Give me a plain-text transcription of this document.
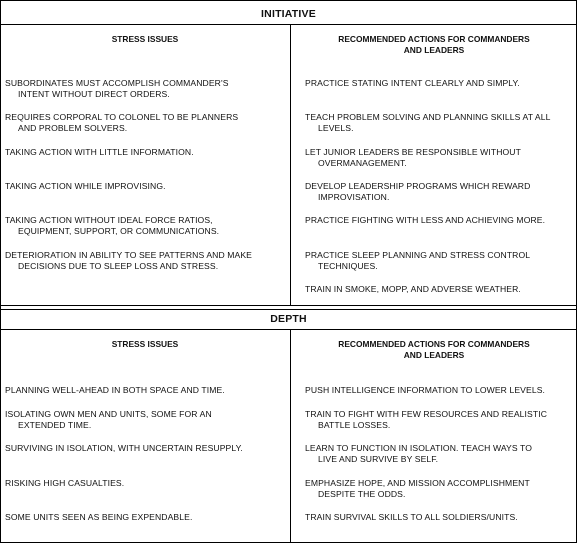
INITIATIVE
STRESS ISSUES	RECOMMENDED ACTIONS FOR COMMANDERS
AND LEADERS
SUBORDINATES MUST ACCOMPLISH COMMANDER'S
INTENT WITHOUT DIRECT ORDERS.
REQUIRES CORPORAL TO COLONEL TO BE PLANNERS
AND PROBLEM SOLVERS.
TAKING ACTION WITH LITTLE INFORMATION.
TAKING ACTION WHILE IMPROVISING.
TAKING ACTION WITHOUT IDEAL FORCE RATIOS,
EQUIPMENT, SUPPORT, OR COMMUNICATIONS.
DETERIORATION IN ABILITY TO SEE PATTERNS AND MAKE
DECISIONS DUE TO SLEEP LOSS AND STRESS.
PRACTICE STATING INTENT CLEARLY AND SIMPLY.
TEACH PROBLEM SOLVING AND PLANNING SKILLS AT ALL
LEVELS.
LET JUNIOR LEADERS BE RESPONSIBLE WITHOUT
OVERMANAGEMENT.
DEVELOP LEADERSHIP PROGRAMS WHICH REWARD
IMPROVISATION.
PRACTICE FIGHTING WITH LESS AND ACHIEVING MORE.
PRACTICE SLEEP PLANNING AND STRESS CONTROL
TECHNIQUES.
TRAIN IN SMOKE, MOPP, AND ADVERSE WEATHER.
DEPTH
STRESS ISSUES	RECOMMENDED ACTIONS FOR COMMANDERS
AND LEADERS
PLANNING WELL-AHEAD IN BOTH SPACE AND TIME.
ISOLATING OWN MEN AND UNITS, SOME FOR AN
EXTENDED TIME.
SURVIVING IN ISOLATION, WITH UNCERTAIN RESUPPLY.
RISKING HIGH CASUALTIES.
SOME UNITS SEEN AS BEING EXPENDABLE.
PUSH INTELLIGENCE INFORMATION TO LOWER LEVELS.
TRAIN TO FIGHT WITH FEW RESOURCES AND REALISTIC
BATTLE LOSSES.
LEARN TO FUNCTION IN ISOLATION. TEACH WAYS TO
LIVE AND SURVIVE BY SELF.
EMPHASIZE HOPE, AND MISSION ACCOMPLISHMENT
DESPITE THE ODDS.
TRAIN SURVIVAL SKILLS TO ALL SOLDIERS/UNITS.
